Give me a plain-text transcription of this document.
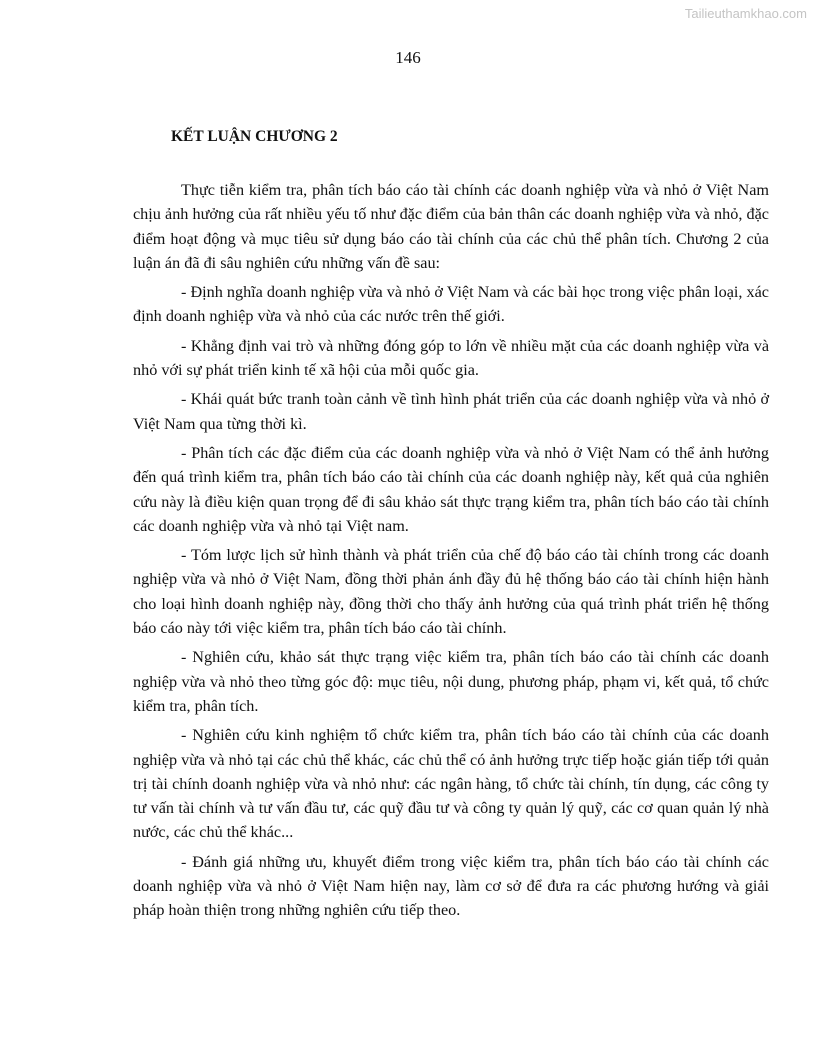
Tailieuthamkhao.com
146
KẾT LUẬN CHƯƠNG 2

Thực tiễn kiểm tra, phân tích báo cáo tài chính các doanh nghiệp vừa và nhỏ ở Việt Nam chịu ảnh hưởng của rất nhiều yếu tố như đặc điểm của bản thân các doanh nghiệp vừa và nhỏ, đặc điểm hoạt động và mục tiêu sử dụng báo cáo tài chính của các chủ thể phân tích. Chương 2 của luận án đã đi sâu nghiên cứu những vấn đề sau:

- Định nghĩa doanh nghiệp vừa và nhỏ ở Việt Nam và các bài học trong việc phân loại, xác định doanh nghiệp vừa và nhỏ của các nước trên thế giới.

- Khẳng định vai trò và những đóng góp to lớn về nhiều mặt của các doanh nghiệp vừa và nhỏ với sự phát triển kinh tế xã hội của mỗi quốc gia.

- Khái quát bức tranh toàn cảnh về tình hình phát triển của các doanh nghiệp vừa và nhỏ ở Việt Nam qua từng thời kì.

- Phân tích các đặc điểm của các doanh nghiệp vừa và nhỏ ở Việt Nam có thể ảnh hưởng đến quá trình kiểm tra, phân tích báo cáo tài chính của các doanh nghiệp này, kết quả của nghiên cứu này là điều kiện quan trọng để đi sâu khảo sát thực trạng kiểm tra, phân tích báo cáo tài chính các doanh nghiệp vừa và nhỏ tại Việt nam.

- Tóm lược lịch sử hình thành và phát triển của chế độ báo cáo tài chính trong các doanh nghiệp vừa và nhỏ ở Việt Nam, đồng thời phản ánh đầy đủ hệ thống báo cáo tài chính hiện hành cho loại hình doanh nghiệp này, đồng thời cho thấy ảnh hưởng của quá trình phát triển hệ thống báo cáo này tới việc kiểm tra, phân tích báo cáo tài chính.

- Nghiên cứu, khảo sát thực trạng việc kiểm tra, phân tích báo cáo tài chính các doanh nghiệp vừa và nhỏ theo từng góc độ: mục tiêu, nội dung, phương pháp, phạm vi, kết quả, tổ chức kiểm tra, phân tích.

- Nghiên cứu kinh nghiệm tổ chức kiểm tra, phân tích báo cáo tài chính của các doanh nghiệp vừa và nhỏ tại các chủ thể khác, các chủ thể có ảnh hưởng trực tiếp hoặc gián tiếp tới quản trị tài chính doanh nghiệp vừa và nhỏ như: các ngân hàng, tổ chức tài chính, tín dụng, các công ty tư vấn tài chính và tư vấn đầu tư, các quỹ đầu tư và công ty quản lý quỹ, các cơ quan quản lý nhà nước, các chủ thể khác...

- Đánh giá những ưu, khuyết điểm trong việc kiểm tra, phân tích báo cáo tài chính các doanh nghiệp vừa và nhỏ ở Việt Nam hiện nay, làm cơ sở để đưa ra các phương hướng và giải pháp hoàn thiện trong những nghiên cứu tiếp theo.
